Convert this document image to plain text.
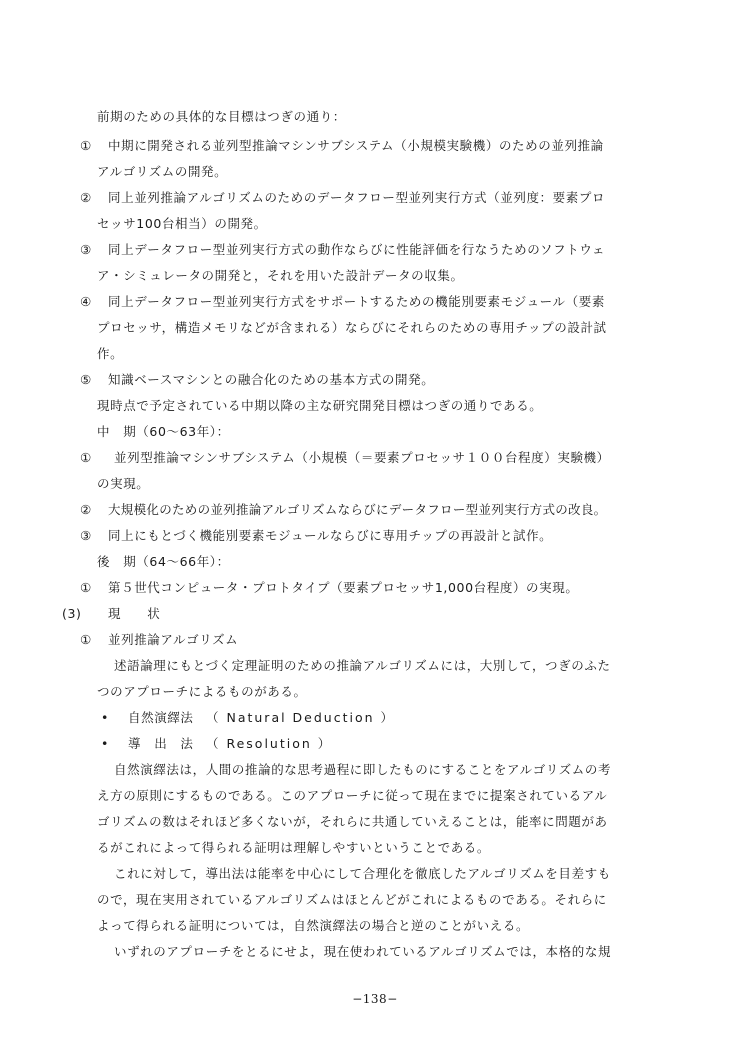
前期のための具体的な目標はつぎの通り：
① 中期に開発される並列型推論マシンサブシステム（小規模実験機）のための並列推論
アルゴリズムの開発。
② 同上並列推論アルゴリズムのためのデータフロー型並列実行方式（並列度：要素プロ
セッサ100台相当）の開発。
③ 同上データフロー型並列実行方式の動作ならびに性能評価を行なうためのソフトウェ
ア・シミュレータの開発と，それを用いた設計データの収集。
④ 同上データフロー型並列実行方式をサポートするための機能別要素モジュール（要素
プロセッサ，構造メモリなどが含まれる）ならびにそれらのための専用チップの設計試
作。
⑤ 知識ベースマシンとの融合化のための基本方式の開発。
現時点で予定されている中期以降の主な研究開発目標はつぎの通りである。
中　期（60～63年）：
① 並列型推論マシンサブシステム（小規模（＝要素プロセッサ１００台程度）実験機）
の実現。
② 大規模化のための並列推論アルゴリズムならびにデータフロー型並列実行方式の改良。
③ 同上にもとづく機能別要素モジュールならびに専用チップの再設計と試作。
後　期（64～66年）：
① 第５世代コンピュータ・プロトタイプ（要素プロセッサ1,000台程度）の実現。
(3) 現　　状
① 並列推論アルゴリズム
述語論理にもとづく定理証明のための推論アルゴリズムには，大別して，つぎのふた
つのアプローチによるものがある。
• 自然演繹法 （ Natural Deduction ）
• 導　出　法 （ Resolution ）
自然演繹法は，人間の推論的な思考過程に即したものにすることをアルゴリズムの考
え方の原則にするものである。このアプローチに従って現在までに提案されているアル
ゴリズムの数はそれほど多くないが，それらに共通していえることは，能率に問題があ
るがこれによって得られる証明は理解しやすいということである。
これに対して，導出法は能率を中心にして合理化を徹底したアルゴリズムを目差すも
ので，現在実用されているアルゴリズムはほとんどがこれによるものである。それらに
よって得られる証明については，自然演繹法の場合と逆のことがいえる。
いずれのアプローチをとるにせよ，現在使われているアルゴリズムでは，本格的な規
−138−
